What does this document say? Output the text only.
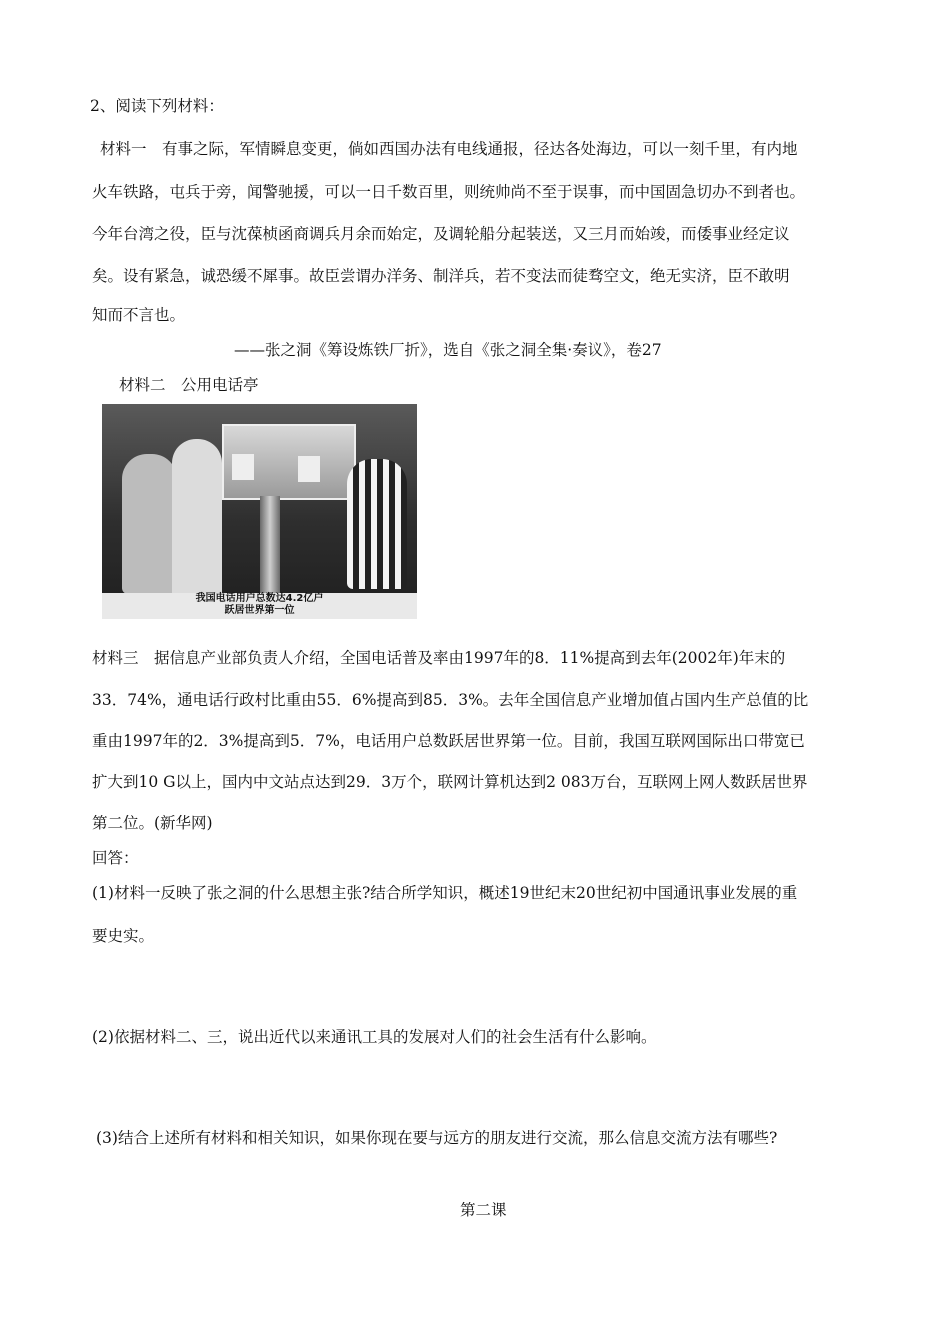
2、阅读下列材料：
材料一　有事之际，军情瞬息变更，倘如西国办法有电线通报，径达各处海边，可以一刻千里，有内地
火车铁路，屯兵于旁，闻警驰援，可以一日千数百里，则统帅尚不至于误事，而中国固急切办不到者也。
今年台湾之役，臣与沈葆桢函商调兵月余而始定，及调轮船分起装送，又三月而始竣，而倭事业经定议
矣。设有紧急，诚恐缓不犀事。故臣尝谓办洋务、制洋兵，若不变法而徒骛空文，绝无实济，臣不敢明
知而不言也。
——张之洞《筹设炼铁厂折》，选自《张之洞全集·奏议》，卷27
材料二　公用电话亭
我国电话用户总数达4.2亿户
跃居世界第一位
材料三　据信息产业部负责人介绍，全国电话普及率由1997年的8．11%提高到去年(2002年)年末的
33．74%，通电话行政村比重由55．6%提高到85．3%。去年全国信息产业增加值占国内生产总值的比
重由1997年的2．3%提高到5．7%，电话用户总数跃居世界第一位。目前，我国互联网国际出口带宽已
扩大到10 G以上，国内中文站点达到29．3万个，联网计算机达到2 083万台，互联网上网人数跃居世界
第二位。(新华网)
回答：
(1)材料一反映了张之洞的什么思想主张?结合所学知识，概述19世纪末20世纪初中国通讯事业发展的重
要史实。
(2)依据材料二、三，说出近代以来通讯工具的发展对人们的社会生活有什么影响。
(3)结合上述所有材料和相关知识，如果你现在要与远方的朋友进行交流，那么信息交流方法有哪些?
第二课
